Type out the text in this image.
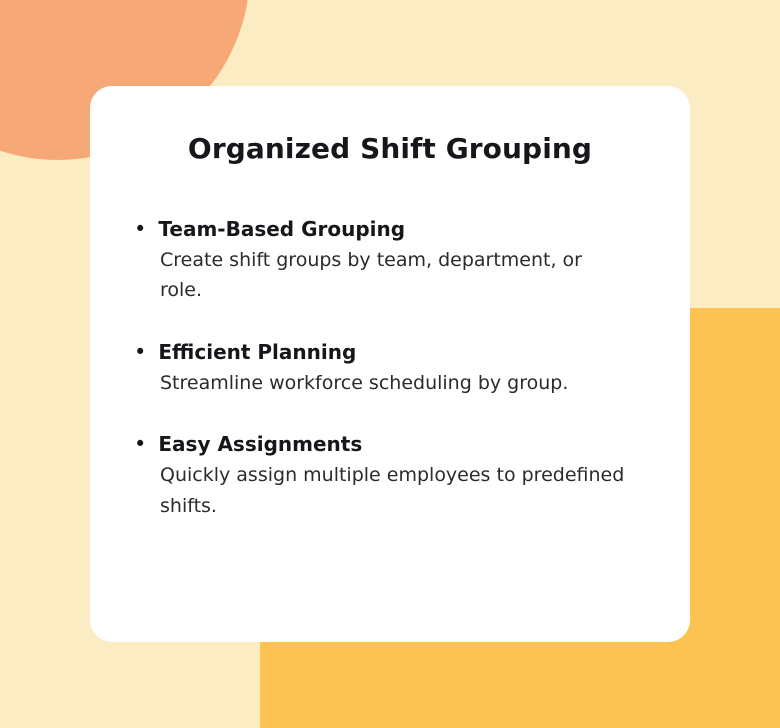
Organized Shift Grouping
• Team-Based Grouping

Create shift groups by team, department, or role.

• Efficient Planning

Streamline workforce scheduling by group.

• Easy Assignments

Quickly assign multiple employees to predefined shifts.
